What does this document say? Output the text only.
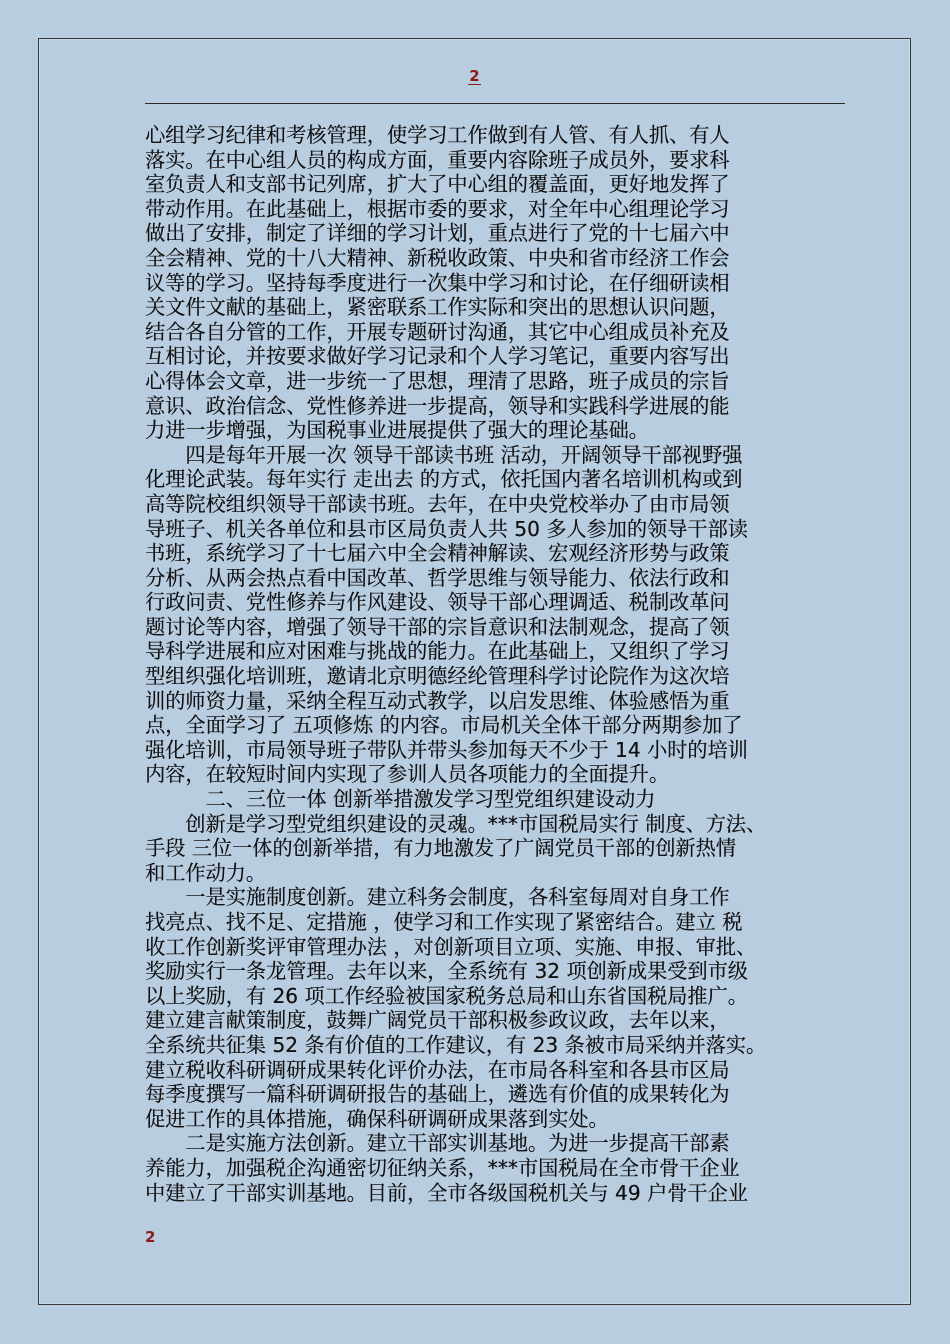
2
心组学习纪律和考核管理，使学习工作做到有人管、有人抓、有人
落实。在中心组人员的构成方面，重要内容除班子成员外，要求科
室负责人和支部书记列席，扩大了中心组的覆盖面，更好地发挥了
带动作用。在此基础上，根据市委的要求，对全年中心组理论学习
做出了安排，制定了详细的学习计划，重点进行了党的十七届六中
全会精神、党的十八大精神、新税收政策、中央和省市经济工作会
议等的学习。坚持每季度进行一次集中学习和讨论，在仔细研读相
关文件文献的基础上，紧密联系工作实际和突出的思想认识问题，
结合各自分管的工作，开展专题研讨沟通，其它中心组成员补充及
互相讨论，并按要求做好学习记录和个人学习笔记，重要内容写出
心得体会文章，进一步统一了思想，理清了思路，班子成员的宗旨
意识、政治信念、党性修养进一步提高，领导和实践科学进展的能
力进一步增强，为国税事业进展提供了强大的理论基础。
　　四是每年开展一次 领导干部读书班 活动，开阔领导干部视野强
化理论武装。每年实行 走出去 的方式，依托国内著名培训机构或到
高等院校组织领导干部读书班。去年，在中央党校举办了由市局领
导班子、机关各单位和县市区局负责人共 50 多人参加的领导干部读
书班，系统学习了十七届六中全会精神解读、宏观经济形势与政策
分析、从两会热点看中国改革、哲学思维与领导能力、依法行政和
行政问责、党性修养与作风建设、领导干部心理调适、税制改革问
题讨论等内容，增强了领导干部的宗旨意识和法制观念，提高了领
导科学进展和应对困难与挑战的能力。在此基础上，又组织了学习
型组织强化培训班，邀请北京明德经纶管理科学讨论院作为这次培
训的师资力量，采纳全程互动式教学，以启发思维、体验感悟为重
点，全面学习了 五项修炼 的内容。市局机关全体干部分两期参加了
强化培训，市局领导班子带队并带头参加每天不少于 14 小时的培训
内容，在较短时间内实现了参训人员各项能力的全面提升。
　　　二、三位一体 创新举措激发学习型党组织建设动力
　　创新是学习型党组织建设的灵魂。***市国税局实行 制度、方法、
手段 三位一体的创新举措，有力地激发了广阔党员干部的创新热情
和工作动力。
　　一是实施制度创新。建立科务会制度，各科室每周对自身工作
找亮点、找不足、定措施 ，使学习和工作实现了紧密结合。建立 税
收工作创新奖评审管理办法 ，对创新项目立项、实施、申报、审批、
奖励实行一条龙管理。去年以来，全系统有 32 项创新成果受到市级
以上奖励，有 26 项工作经验被国家税务总局和山东省国税局推广。
建立建言献策制度，鼓舞广阔党员干部积极参政议政，去年以来，
全系统共征集 52 条有价值的工作建议，有 23 条被市局采纳并落实。
建立税收科研调研成果转化评价办法，在市局各科室和各县市区局
每季度撰写一篇科研调研报告的基础上，遴选有价值的成果转化为
促进工作的具体措施，确保科研调研成果落到实处。
　　二是实施方法创新。建立干部实训基地。为进一步提高干部素
养能力，加强税企沟通密切征纳关系，***市国税局在全市骨干企业
中建立了干部实训基地。目前，全市各级国税机关与 49 户骨干企业
2
